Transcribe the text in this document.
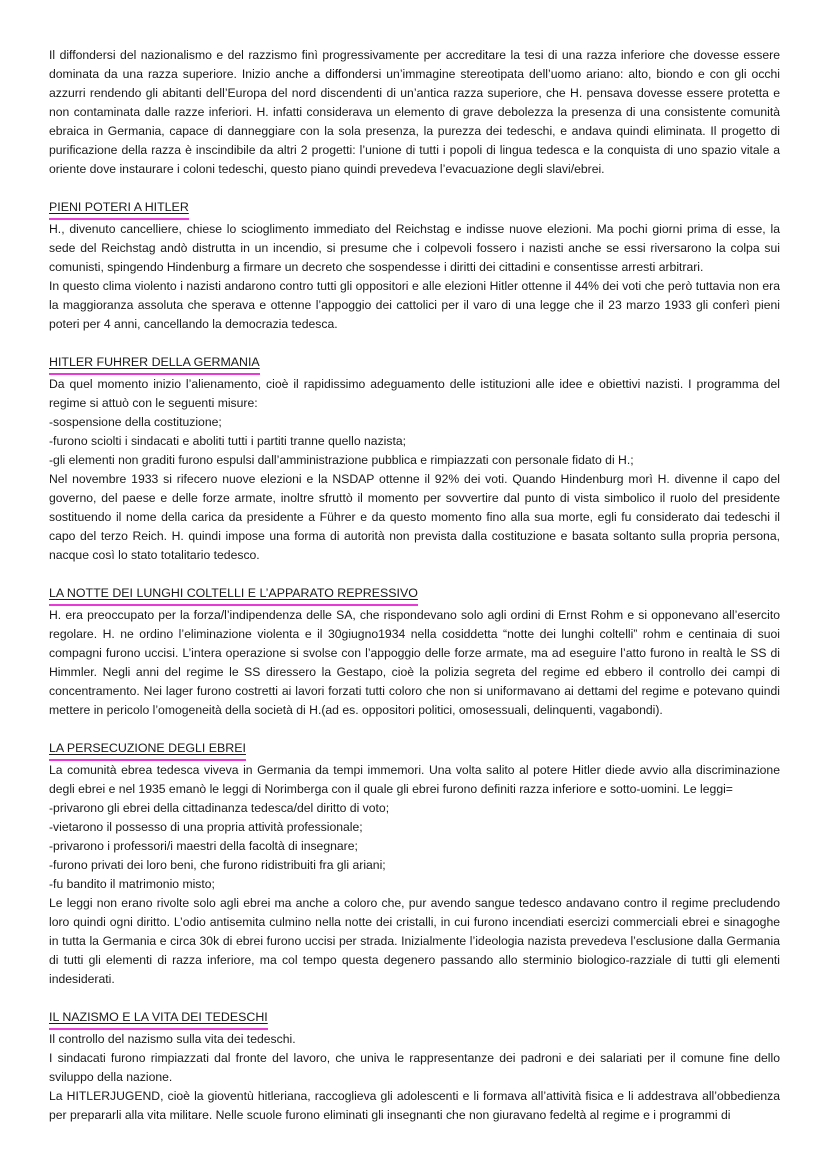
Il diffondersi del nazionalismo e del razzismo finì progressivamente per accreditare la tesi di una razza inferiore che dovesse essere dominata da una razza superiore. Inizio anche a diffondersi un’immagine stereotipata dell’uomo ariano: alto, biondo e con gli occhi azzurri rendendo gli abitanti dell’Europa del nord discendenti di un’antica razza superiore, che H. pensava dovesse essere protetta e non contaminata dalle razze inferiori. H. infatti considerava un elemento di grave debolezza la presenza di una consistente comunità ebraica in Germania, capace di danneggiare con la sola presenza, la purezza dei tedeschi, e andava quindi eliminata. Il progetto di purificazione della razza è inscindibile da altri 2 progetti: l’unione di tutti i popoli di lingua tedesca e la conquista di uno spazio vitale a oriente dove instaurare i coloni tedeschi, questo piano quindi prevedeva l’evacuazione degli slavi/ebrei.

PIENI POTERI A HITLER

H., divenuto cancelliere, chiese lo scioglimento immediato del Reichstag e indisse nuove elezioni. Ma pochi giorni prima di esse, la sede del Reichstag andò distrutta in un incendio, si presume che i colpevoli fossero i nazisti anche se essi riversarono la colpa sui comunisti, spingendo Hindenburg a firmare un decreto che sospendesse i diritti dei cittadini e consentisse arresti arbitrari.

In questo clima violento i nazisti andarono contro tutti gli oppositori e alle elezioni Hitler ottenne il 44% dei voti che però tuttavia non era la maggioranza assoluta che sperava e ottenne l’appoggio dei cattolici per il varo di una legge che il 23 marzo 1933 gli conferì pieni poteri per 4 anni, cancellando la democrazia tedesca.

HITLER FUHRER DELLA GERMANIA

Da quel momento inizio l’alienamento, cioè il rapidissimo adeguamento delle istituzioni alle idee e obiettivi nazisti. I programma del regime si attuò con le seguenti misure:

-sospensione della costituzione;

-furono sciolti i sindacati e aboliti tutti i partiti tranne quello nazista;

-gli elementi non graditi furono espulsi dall’amministrazione pubblica e rimpiazzati con personale fidato di H.;

Nel novembre 1933 si rifecero nuove elezioni e la NSDAP ottenne il 92% dei voti. Quando Hindenburg morì H. divenne il capo del governo, del paese e delle forze armate, inoltre sfruttò il momento per sovvertire dal punto di vista simbolico il ruolo del presidente sostituendo il nome della carica da presidente a Führer e da questo momento fino alla sua morte, egli fu considerato dai tedeschi il capo del terzo Reich. H. quindi impose una forma di autorità non prevista dalla costituzione e basata soltanto sulla propria persona, nacque così lo stato totalitario tedesco.

LA NOTTE DEI LUNGHI COLTELLI E L’APPARATO REPRESSIVO

H. era preoccupato per la forza/l’indipendenza delle SA, che rispondevano solo agli ordini di Ernst Rohm e si opponevano all’esercito regolare. H. ne ordino l’eliminazione violenta e il 30giugno1934 nella cosiddetta “notte dei lunghi coltelli” rohm e centinaia di suoi compagni furono uccisi. L’intera operazione si svolse con l’appoggio delle forze armate, ma ad eseguire l’atto furono in realtà le SS di Himmler. Negli anni del regime le SS diressero la Gestapo, cioè la polizia segreta del regime ed ebbero il controllo dei campi di concentramento. Nei lager furono costretti ai lavori forzati tutti coloro che non si uniformavano ai dettami del regime e potevano quindi mettere in pericolo l’omogeneità della società di H.(ad es. oppositori politici, omosessuali, delinquenti, vagabondi).

LA PERSECUZIONE DEGLI EBREI

La comunità ebrea tedesca viveva in Germania da tempi immemori. Una volta salito al potere Hitler diede avvio alla discriminazione degli ebrei e nel 1935 emanò le leggi di Norimberga con il quale gli ebrei furono definiti razza inferiore e sotto-uomini. Le leggi=

-privarono gli ebrei della cittadinanza tedesca/del diritto di voto;

-vietarono il possesso di una propria attività professionale;

-privarono i professori/i maestri della facoltà di insegnare;

-furono privati dei loro beni, che furono ridistribuiti fra gli ariani;

-fu bandito il matrimonio misto;

Le leggi non erano rivolte solo agli ebrei ma anche a coloro che, pur avendo sangue tedesco andavano contro il regime precludendo loro quindi ogni diritto. L’odio antisemita culmino nella notte dei cristalli, in cui furono incendiati esercizi commerciali ebrei e sinagoghe in tutta la Germania e circa 30k di ebrei furono uccisi per strada. Inizialmente l’ideologia nazista prevedeva l’esclusione dalla Germania di tutti gli elementi di razza inferiore, ma col tempo questa degenero passando allo sterminio biologico-razziale di tutti gli elementi indesiderati.

IL NAZISMO E LA VITA DEI TEDESCHI

Il controllo del nazismo sulla vita dei tedeschi.

I sindacati furono rimpiazzati dal fronte del lavoro, che univa le rappresentanze dei padroni e dei salariati per il comune fine dello sviluppo della nazione.

La HITLERJUGEND, cioè la gioventù hitleriana, raccoglieva gli adolescenti e li formava all’attività fisica e li addestrava all’obbedienza per prepararli alla vita militare. Nelle scuole furono eliminati gli insegnanti che non giuravano fedeltà al regime e i programmi di
